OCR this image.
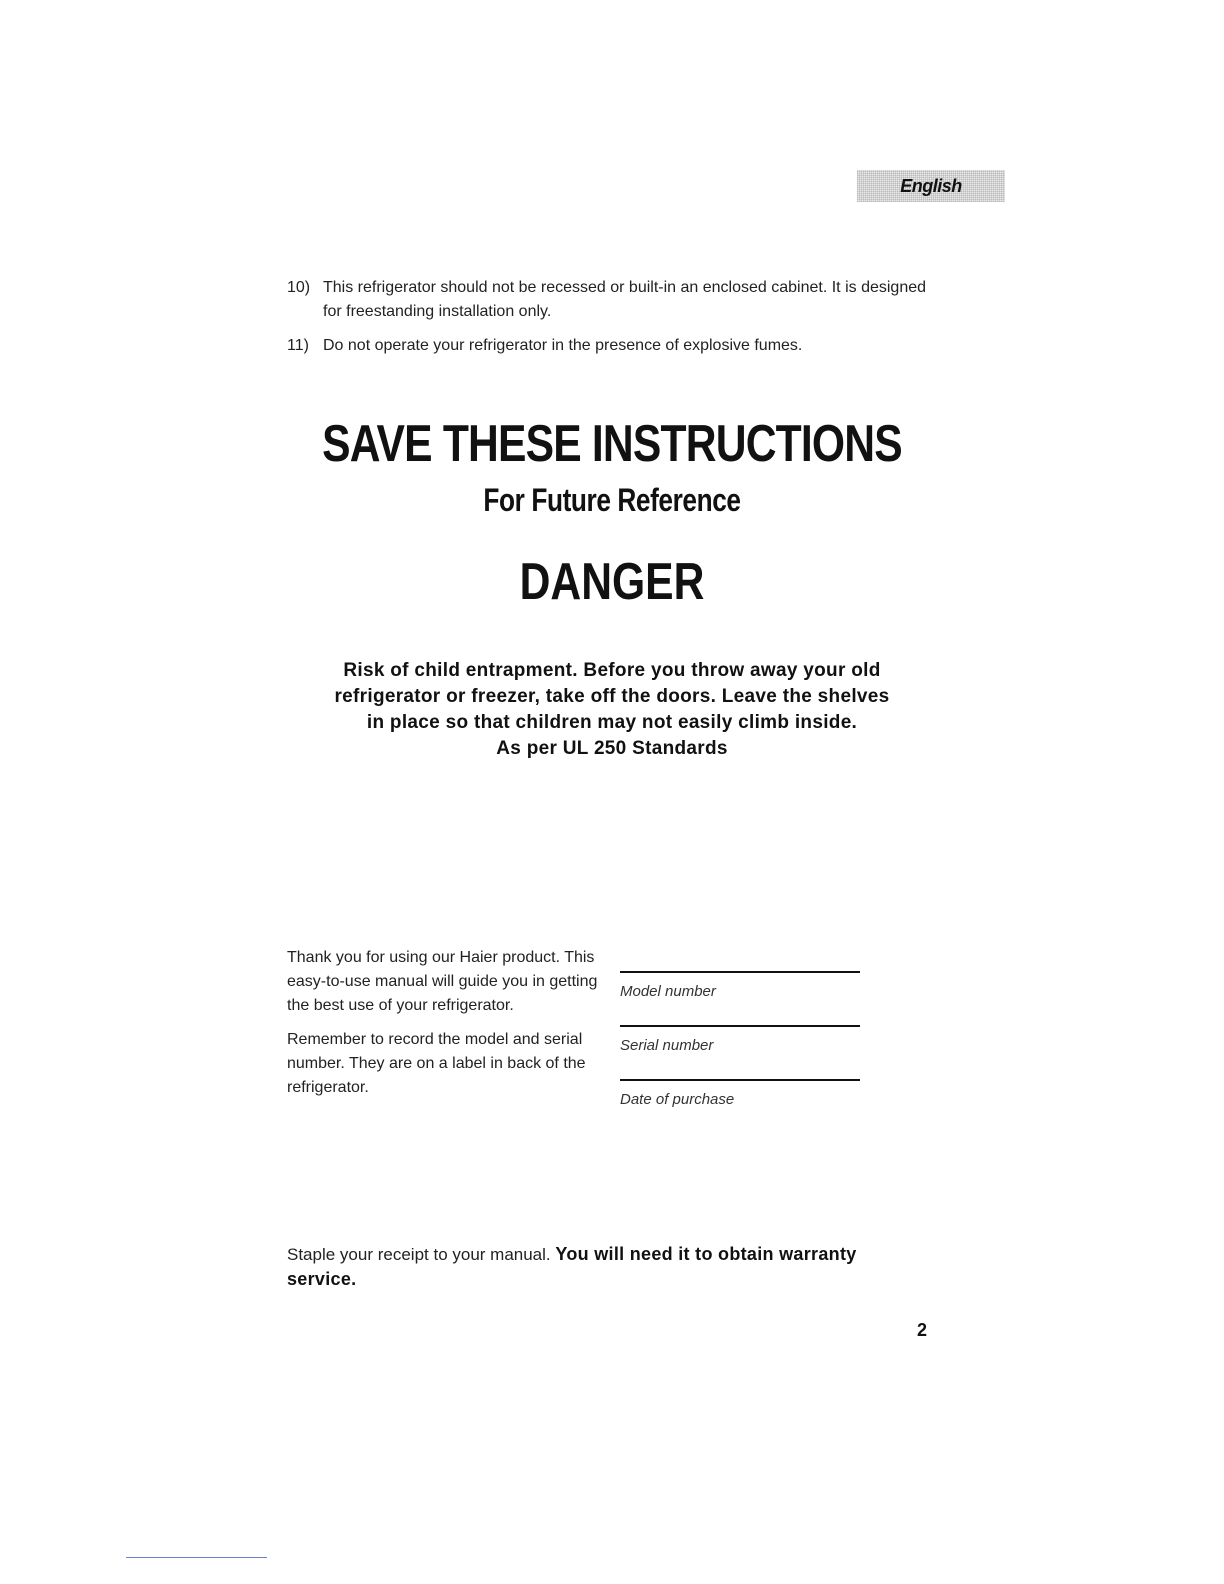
English
10) This refrigerator should not be recessed or built-in an enclosed cabinet. It is designed for freestanding installation only.
11) Do not operate your refrigerator in the presence of explosive fumes.
SAVE THESE INSTRUCTIONS
For Future Reference
DANGER
Risk of child entrapment. Before you throw away your old
refrigerator or freezer, take off the doors. Leave the shelves
in place so that children may not easily climb inside.
As per UL 250 Standards

Thank you for using our Haier product. This easy-to-use manual will guide you in getting the best use of your refrigerator.

Remember to record the model and serial number. They are on a label in back of the refrigerator.

Model number
Serial number
Date of purchase
Staple your receipt to your manual. You will need it to obtain warranty service.
2
